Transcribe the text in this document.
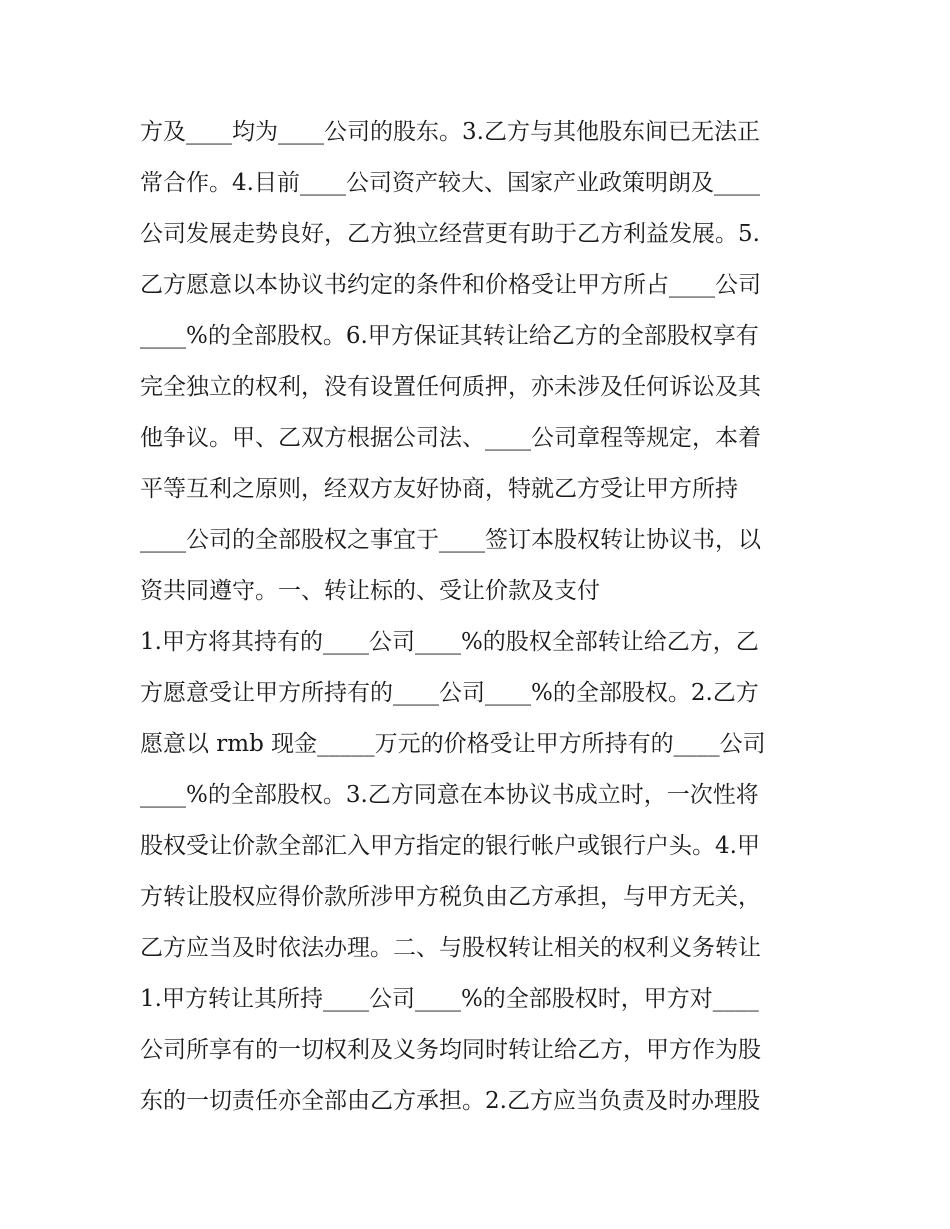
方及____均为____公司的股东。3.乙方与其他股东间已无法正
常合作。4.目前____公司资产较大、国家产业政策明朗及____
公司发展走势良好，乙方独立经营更有助于乙方利益发展。5.
乙方愿意以本协议书约定的条件和价格受让甲方所占____公司
____%的全部股权。6.甲方保证其转让给乙方的全部股权享有
完全独立的权利，没有设置任何质押，亦未涉及任何诉讼及其
他争议。甲、乙双方根据公司法、____公司章程等规定，本着
平等互利之原则，经双方友好协商，特就乙方受让甲方所持
____公司的全部股权之事宜于____签订本股权转让协议书，以
资共同遵守。一、转让标的、受让价款及支付
1.甲方将其持有的____公司____%的股权全部转让给乙方，乙
方愿意受让甲方所持有的____公司____%的全部股权。2.乙方
愿意以 rmb 现金_____万元的价格受让甲方所持有的____公司
____%的全部股权。3.乙方同意在本协议书成立时，一次性将
股权受让价款全部汇入甲方指定的银行帐户或银行户头。4.甲
方转让股权应得价款所涉甲方税负由乙方承担，与甲方无关，
乙方应当及时依法办理。二、与股权转让相关的权利义务转让
1.甲方转让其所持____公司____%的全部股权时，甲方对____
公司所享有的一切权利及义务均同时转让给乙方，甲方作为股
东的一切责任亦全部由乙方承担。2.乙方应当负责及时办理股
